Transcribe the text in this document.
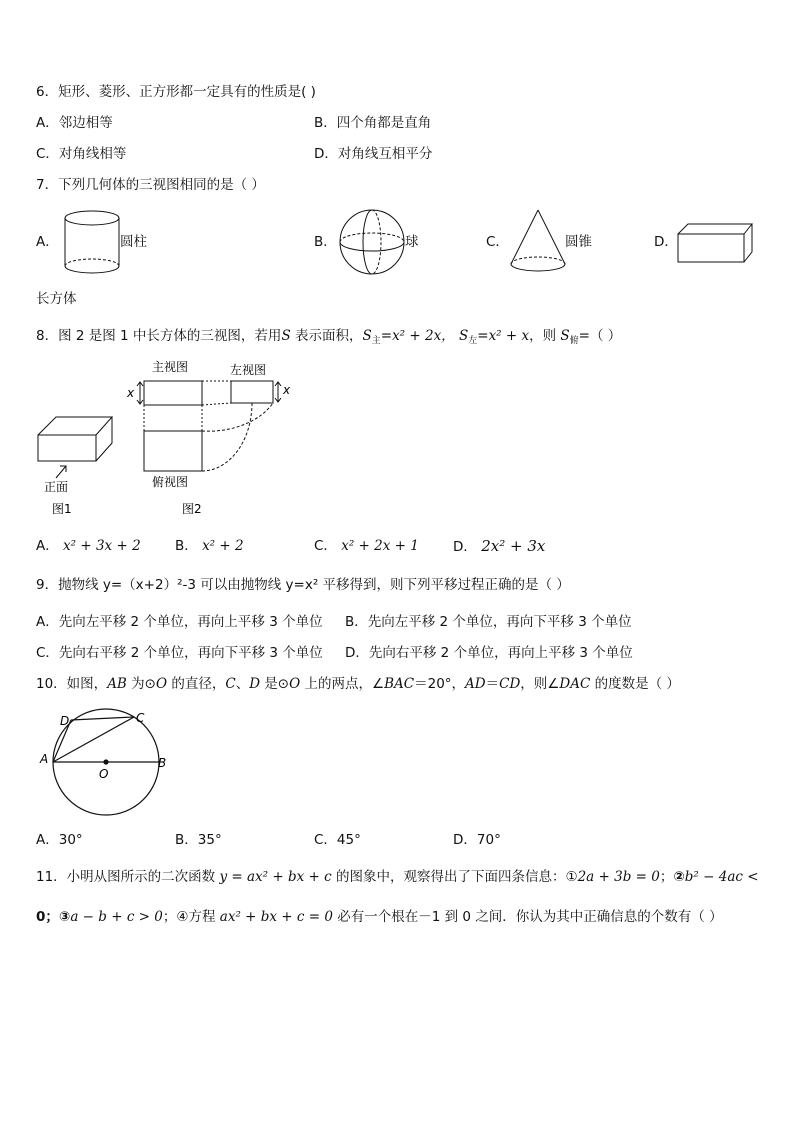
6．矩形、菱形、正方形都一定具有的性质是( )
A．邻边相等	B．四个角都是直角
C．对角线相等	D．对角线互相平分
7．下列几何体的三视图相同的是（ ）
A．	圆柱	B．	球	C．	圆锥	D．
长方体
8．图 2 是图 1 中长方体的三视图，若用S 表示面积，$S_主=x^2 + 2x$， $S_左=x^2 + x$，则 $S_俯=$（ ）
正面
图1
主视图	左视图
x	x
俯视图
图2
A． x² + 3x + 2	B． x² + 2	C． x² + 2x + 1	D． 2x² + 3x
9．抛物线 y=（x+2）²-3 可以由抛物线 y=x² 平移得到，则下列平移过程正确的是（ ）
A．先向左平移 2 个单位，再向上平移 3 个单位 B．先向左平移 2 个单位，再向下平移 3 个单位
C．先向右平移 2 个单位，再向下平移 3 个单位 D．先向右平移 2 个单位，再向上平移 3 个单位
10．如图，AB 为⊙O 的直径，C、D 是⊙O 上的两点，∠BAC＝20°，AD＝CD，则∠DAC 的度数是（ ）
A	B
C
D
O
A．30°	B．35°	C．45°	D．70°
11．小明从图所示的二次函数 y = ax² + bx + c 的图象中，观察得出了下面四条信息：①2a + 3b = 0；②b² − 4ac <
0；③a − b + c > 0；④方程 ax² + bx + c = 0 必有一个根在－1 到 0 之间．你认为其中正确信息的个数有（ ）
